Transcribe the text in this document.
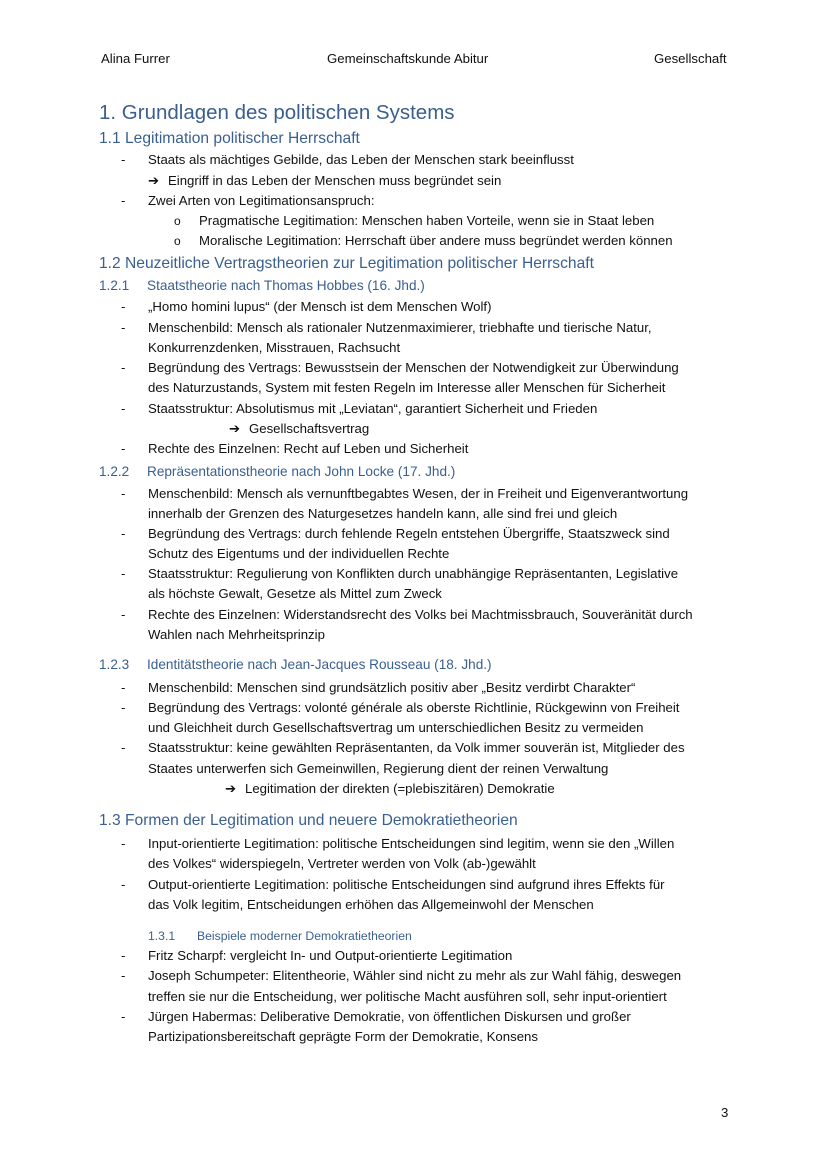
Alina Furrer	Gemeinschaftskunde Abitur	Gesellschaft
1. Grundlagen des politischen Systems
1.1 Legitimation politischer Herrschaft
- Staats als mächtiges Gebilde, das Leben der Menschen stark beeinflusst
➔ Eingriff in das Leben der Menschen muss begründet sein
- Zwei Arten von Legitimationsanspruch:
o Pragmatische Legitimation: Menschen haben Vorteile, wenn sie in Staat leben
o Moralische Legitimation: Herrschaft über andere muss begründet werden können
1.2 Neuzeitliche Vertragstheorien zur Legitimation politischer Herrschaft
1.2.1 Staatstheorie nach Thomas Hobbes (16. Jhd.)
- „Homo homini lupus“ (der Mensch ist dem Menschen Wolf)
- Menschenbild: Mensch als rationaler Nutzenmaximierer, triebhafte und tierische Natur,
Konkurrenzdenken, Misstrauen, Rachsucht
- Begründung des Vertrags: Bewusstsein der Menschen der Notwendigkeit zur Überwindung
des Naturzustands, System mit festen Regeln im Interesse aller Menschen für Sicherheit
- Staatsstruktur: Absolutismus mit „Leviatan“, garantiert Sicherheit und Frieden
➔ Gesellschaftsvertrag
- Rechte des Einzelnen: Recht auf Leben und Sicherheit
1.2.2 Repräsentationstheorie nach John Locke (17. Jhd.)
- Menschenbild: Mensch als vernunftbegabtes Wesen, der in Freiheit und Eigenverantwortung
innerhalb der Grenzen des Naturgesetzes handeln kann, alle sind frei und gleich
- Begründung des Vertrags: durch fehlende Regeln entstehen Übergriffe, Staatszweck sind
Schutz des Eigentums und der individuellen Rechte
- Staatsstruktur: Regulierung von Konflikten durch unabhängige Repräsentanten, Legislative
als höchste Gewalt, Gesetze als Mittel zum Zweck
- Rechte des Einzelnen: Widerstandsrecht des Volks bei Machtmissbrauch, Souveränität durch
Wahlen nach Mehrheitsprinzip
1.2.3 Identitätstheorie nach Jean-Jacques Rousseau (18. Jhd.)
- Menschenbild: Menschen sind grundsätzlich positiv aber „Besitz verdirbt Charakter“
- Begründung des Vertrags: volonté générale als oberste Richtlinie, Rückgewinn von Freiheit
und Gleichheit durch Gesellschaftsvertrag um unterschiedlichen Besitz zu vermeiden
- Staatsstruktur: keine gewählten Repräsentanten, da Volk immer souverän ist, Mitglieder des
Staates unterwerfen sich Gemeinwillen, Regierung dient der reinen Verwaltung
➔ Legitimation der direkten (=plebiszitären) Demokratie
1.3 Formen der Legitimation und neuere Demokratietheorien
- Input-orientierte Legitimation: politische Entscheidungen sind legitim, wenn sie den „Willen
des Volkes“ widerspiegeln, Vertreter werden von Volk (ab-)gewählt
- Output-orientierte Legitimation: politische Entscheidungen sind aufgrund ihres Effekts für
das Volk legitim, Entscheidungen erhöhen das Allgemeinwohl der Menschen
1.3.1 Beispiele moderner Demokratietheorien
- Fritz Scharpf: vergleicht In- und Output-orientierte Legitimation
- Joseph Schumpeter: Elitentheorie, Wähler sind nicht zu mehr als zur Wahl fähig, deswegen
treffen sie nur die Entscheidung, wer politische Macht ausführen soll, sehr input-orientiert
- Jürgen Habermas: Deliberative Demokratie, von öffentlichen Diskursen und großer
Partizipationsbereitschaft geprägte Form der Demokratie, Konsens
3
